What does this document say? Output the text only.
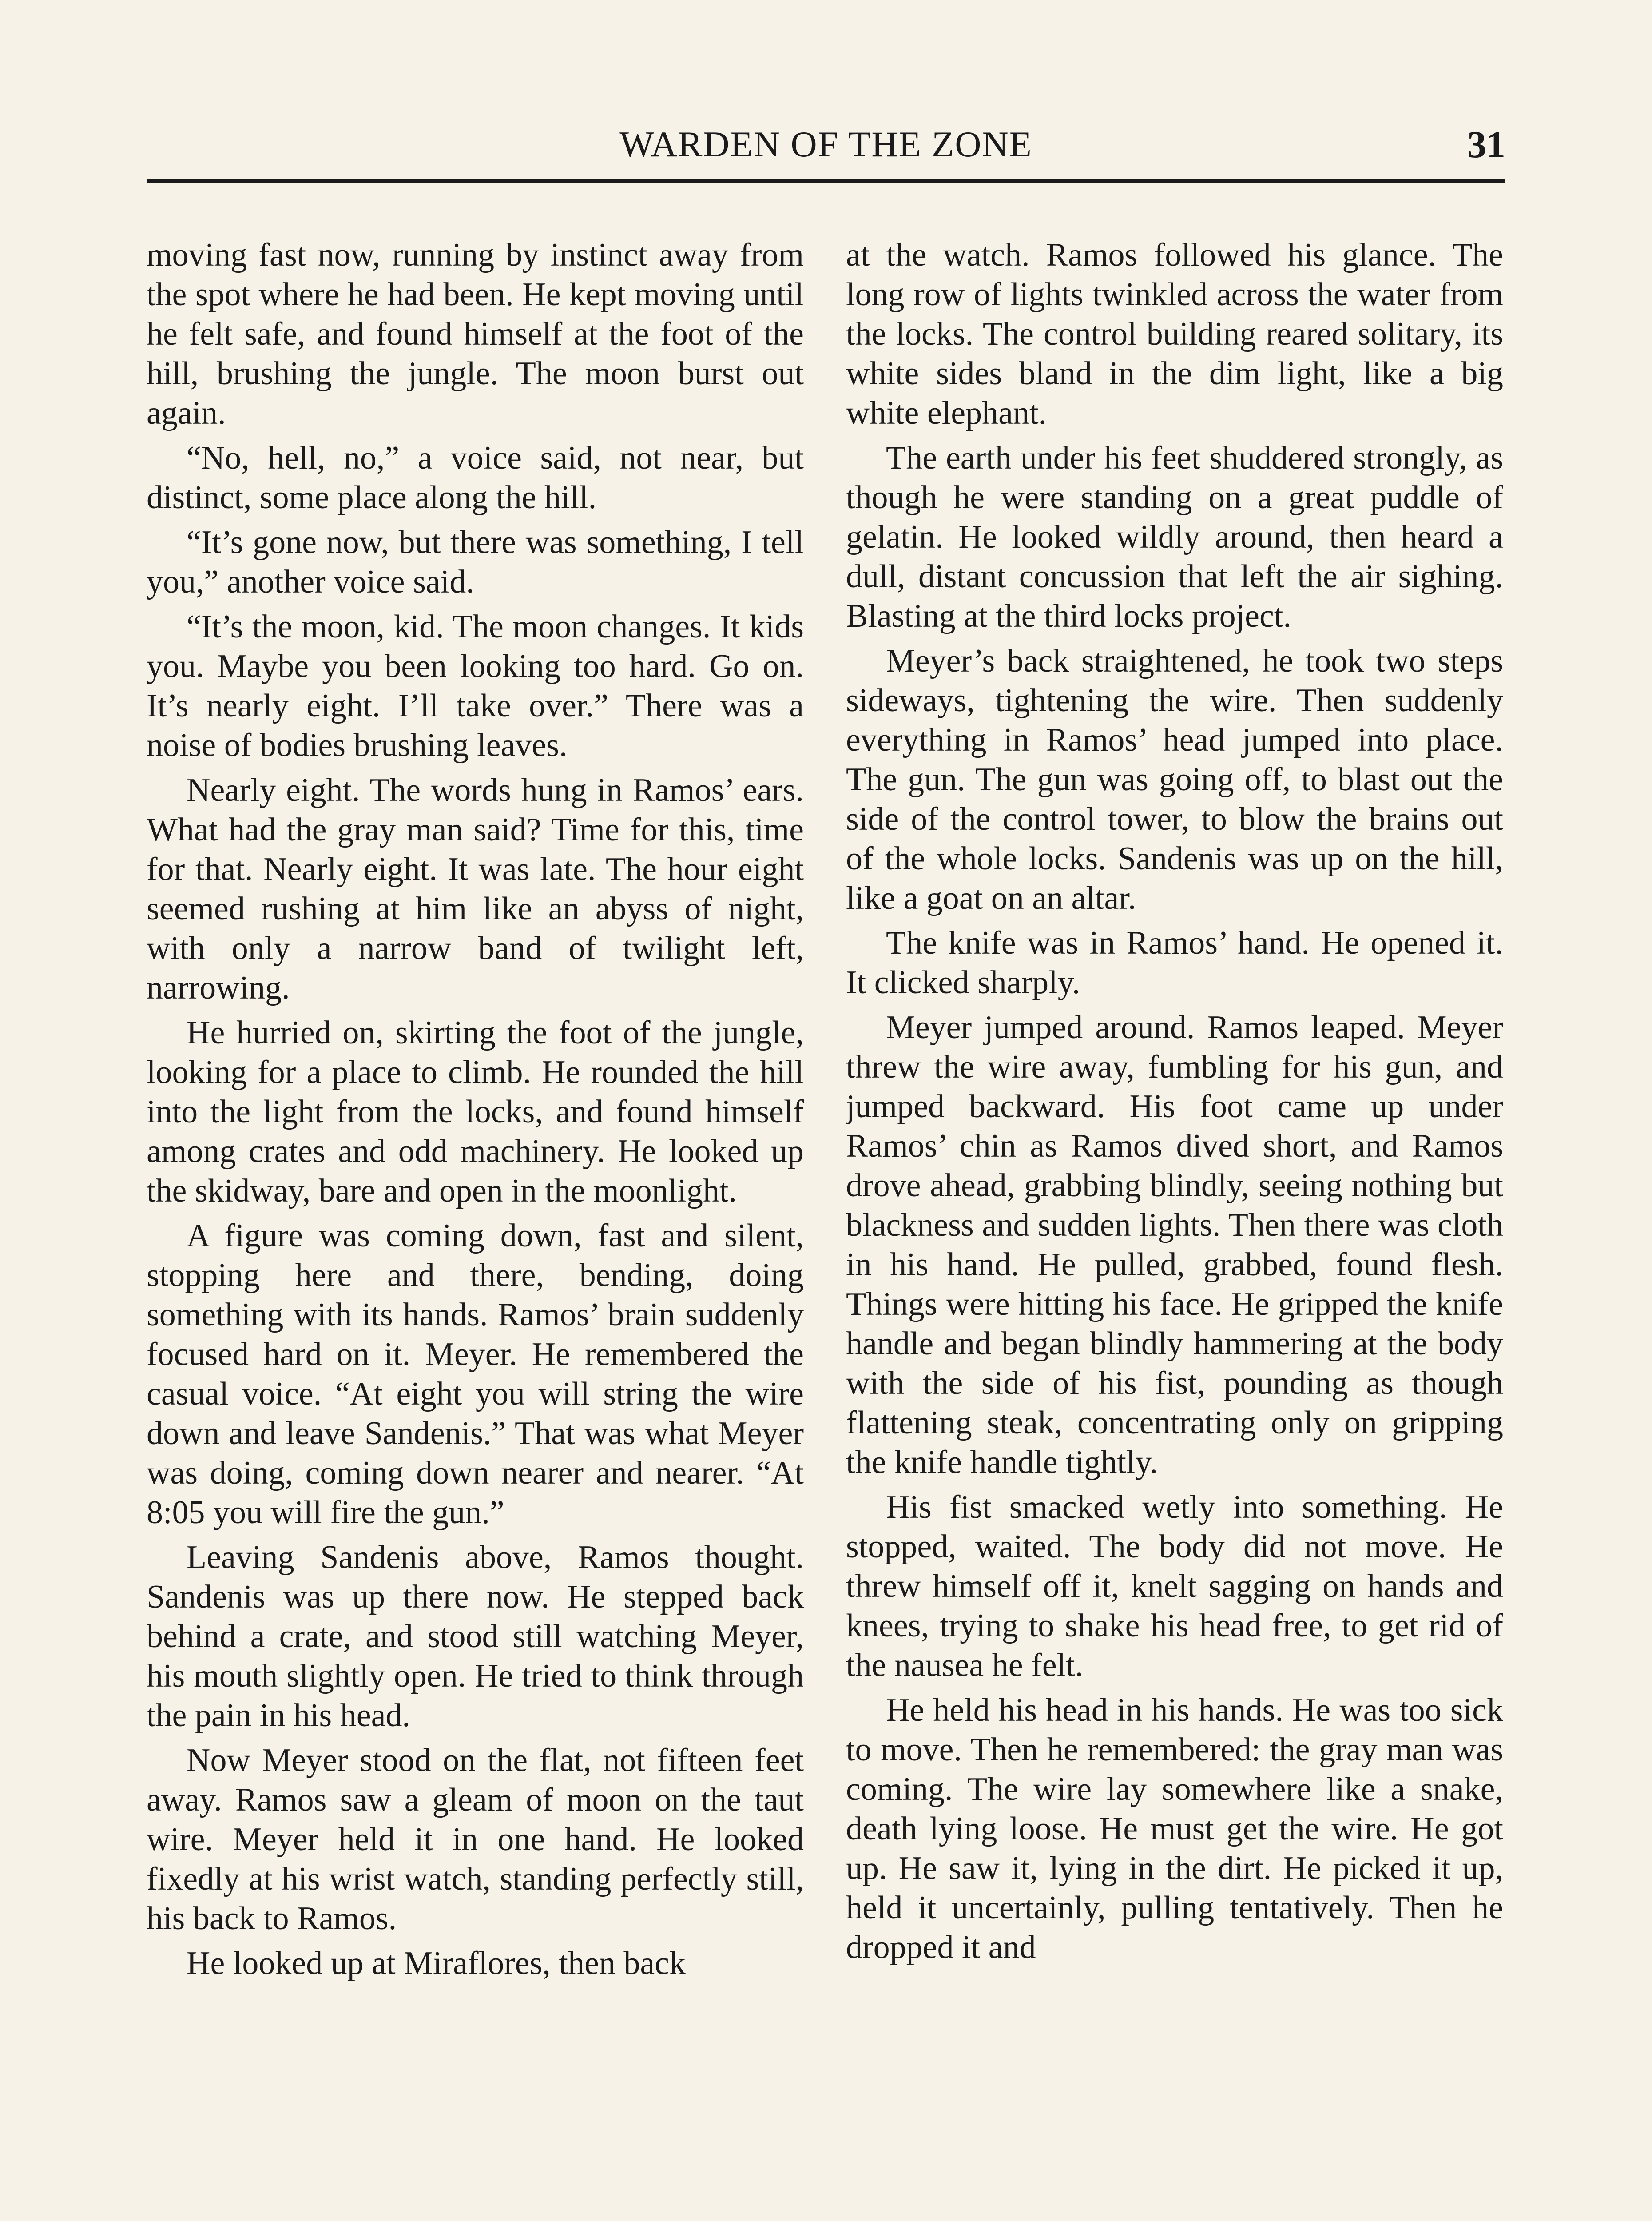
WARDEN OF THE ZONE	31

moving fast now, running by instinct away from the spot where he had been. He kept moving until he felt safe, and found himself at the foot of the hill, brushing the jungle. The moon burst out again.

“No, hell, no,” a voice said, not near, but distinct, some place along the hill.

“It’s gone now, but there was something, I tell you,” another voice said.

“It’s the moon, kid. The moon changes. It kids you. Maybe you been looking too hard. Go on. It’s nearly eight. I’ll take over.” There was a noise of bodies brushing leaves.

Nearly eight. The words hung in Ramos’ ears. What had the gray man said? Time for this, time for that. Nearly eight. It was late. The hour eight seemed rushing at him like an abyss of night, with only a narrow band of twilight left, narrowing.

He hurried on, skirting the foot of the jungle, looking for a place to climb. He rounded the hill into the light from the locks, and found himself among crates and odd machinery. He looked up the skidway, bare and open in the moonlight.

A figure was coming down, fast and silent, stopping here and there, bending, doing something with its hands. Ramos’ brain suddenly focused hard on it. Meyer. He remembered the casual voice. “At eight you will string the wire down and leave Sandenis.” That was what Meyer was doing, coming down nearer and nearer. “At 8:05 you will fire the gun.”

Leaving Sandenis above, Ramos thought. Sandenis was up there now. He stepped back behind a crate, and stood still watching Meyer, his mouth slightly open. He tried to think through the pain in his head.

Now Meyer stood on the flat, not fifteen feet away. Ramos saw a gleam of moon on the taut wire. Meyer held it in one hand. He looked fixedly at his wrist watch, standing perfectly still, his back to Ramos.

He looked up at Miraflores, then back

at the watch. Ramos followed his glance. The long row of lights twinkled across the water from the locks. The control building reared solitary, its white sides bland in the dim light, like a big white elephant.

The earth under his feet shuddered strongly, as though he were standing on a great puddle of gelatin. He looked wildly around, then heard a dull, distant concussion that left the air sighing. Blasting at the third locks project.

Meyer’s back straightened, he took two steps sideways, tightening the wire. Then suddenly everything in Ramos’ head jumped into place. The gun. The gun was going off, to blast out the side of the control tower, to blow the brains out of the whole locks. Sandenis was up on the hill, like a goat on an altar.

The knife was in Ramos’ hand. He opened it. It clicked sharply.

Meyer jumped around. Ramos leaped. Meyer threw the wire away, fumbling for his gun, and jumped backward. His foot came up under Ramos’ chin as Ramos dived short, and Ramos drove ahead, grabbing blindly, seeing nothing but blackness and sudden lights. Then there was cloth in his hand. He pulled, grabbed, found flesh. Things were hitting his face. He gripped the knife handle and began blindly hammering at the body with the side of his fist, pounding as though flattening steak, concentrating only on gripping the knife handle tightly.

His fist smacked wetly into something. He stopped, waited. The body did not move. He threw himself off it, knelt sagging on hands and knees, trying to shake his head free, to get rid of the nausea he felt.

He held his head in his hands. He was too sick to move. Then he remembered: the gray man was coming. The wire lay somewhere like a snake, death lying loose. He must get the wire. He got up. He saw it, lying in the dirt. He picked it up, held it uncertainly, pulling tentatively. Then he dropped it and
